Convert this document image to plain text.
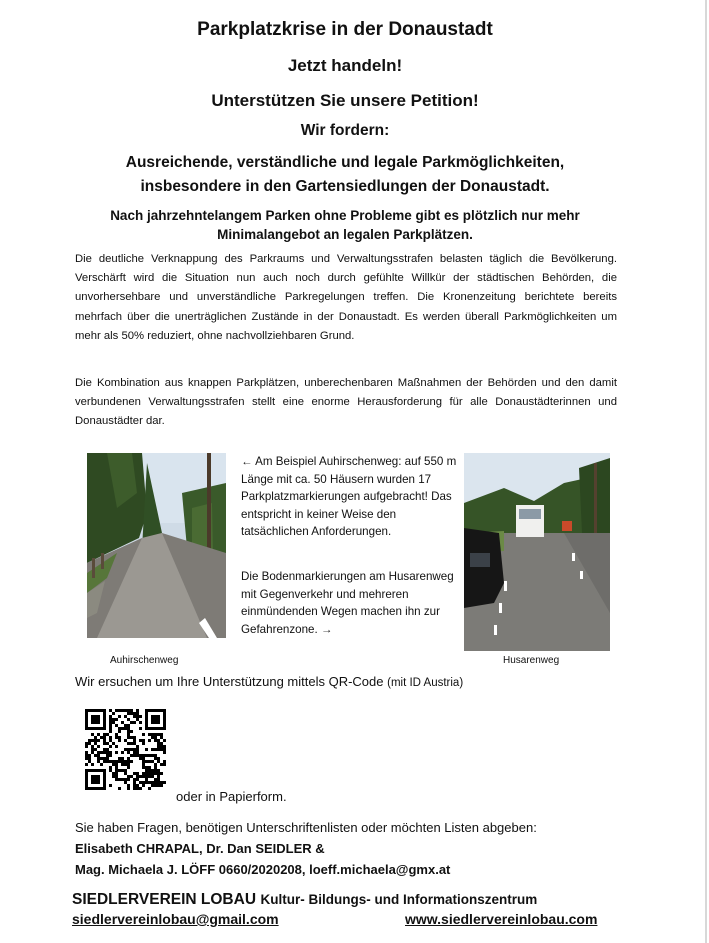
Parkplatzkrise in der Donaustadt
Jetzt handeln!
Unterstützen Sie unsere Petition!
Wir fordern:
Ausreichende, verständliche und legale Parkmöglichkeiten,
insbesondere in den Gartensiedlungen der Donaustadt.
Nach jahrzehntelangem Parken ohne Probleme gibt es plötzlich nur mehr
Minimalangebot an legalen Parkplätzen.
Die deutliche Verknappung des Parkraums und Verwaltungsstrafen belasten täglich die Bevölkerung. Verschärft wird die Situation nun auch noch durch gefühlte Willkür der städtischen Behörden, die unvorhersehbare und unverständliche Parkregelungen treffen. Die Kronenzeitung berichtete bereits mehrfach über die unerträglichen Zustände in der Donaustadt. Es werden überall Parkmöglichkeiten um mehr als 50% reduziert, ohne nachvollziehbaren Grund.
Die Kombination aus knappen Parkplätzen, unberechenbaren Maßnahmen der Behörden und den damit verbundenen Verwaltungsstrafen stellt eine enorme Herausforderung für alle Donaustädterinnen und Donaustädter dar.
← Am Beispiel Auhirschenweg: auf 550 m Länge mit ca. 50 Häusern wurden 17 Parkplatzmarkierungen aufgebracht! Das entspricht in keiner Weise den tatsächlichen Anforderungen.
Die Bodenmarkierungen am Husarenweg mit Gegenverkehr und mehreren einmündenden Wegen machen ihn zur Gefahrenzone. →
Auhirschenweg	Husarenweg
Wir ersuchen um Ihre Unterstützung mittels QR-Code (mit ID Austria)
oder in Papierform.
Sie haben Fragen, benötigen Unterschriftenlisten oder möchten Listen abgeben:
Elisabeth CHRAPAL, Dr. Dan SEIDLER &
Mag. Michaela J. LÖFF 0660/2020208, loeff.michaela@gmx.at
SIEDLERVEREIN LOBAU Kultur- Bildungs- und Informationszentrum
siedlervereinlobau@gmail.com	www.siedlervereinlobau.com
